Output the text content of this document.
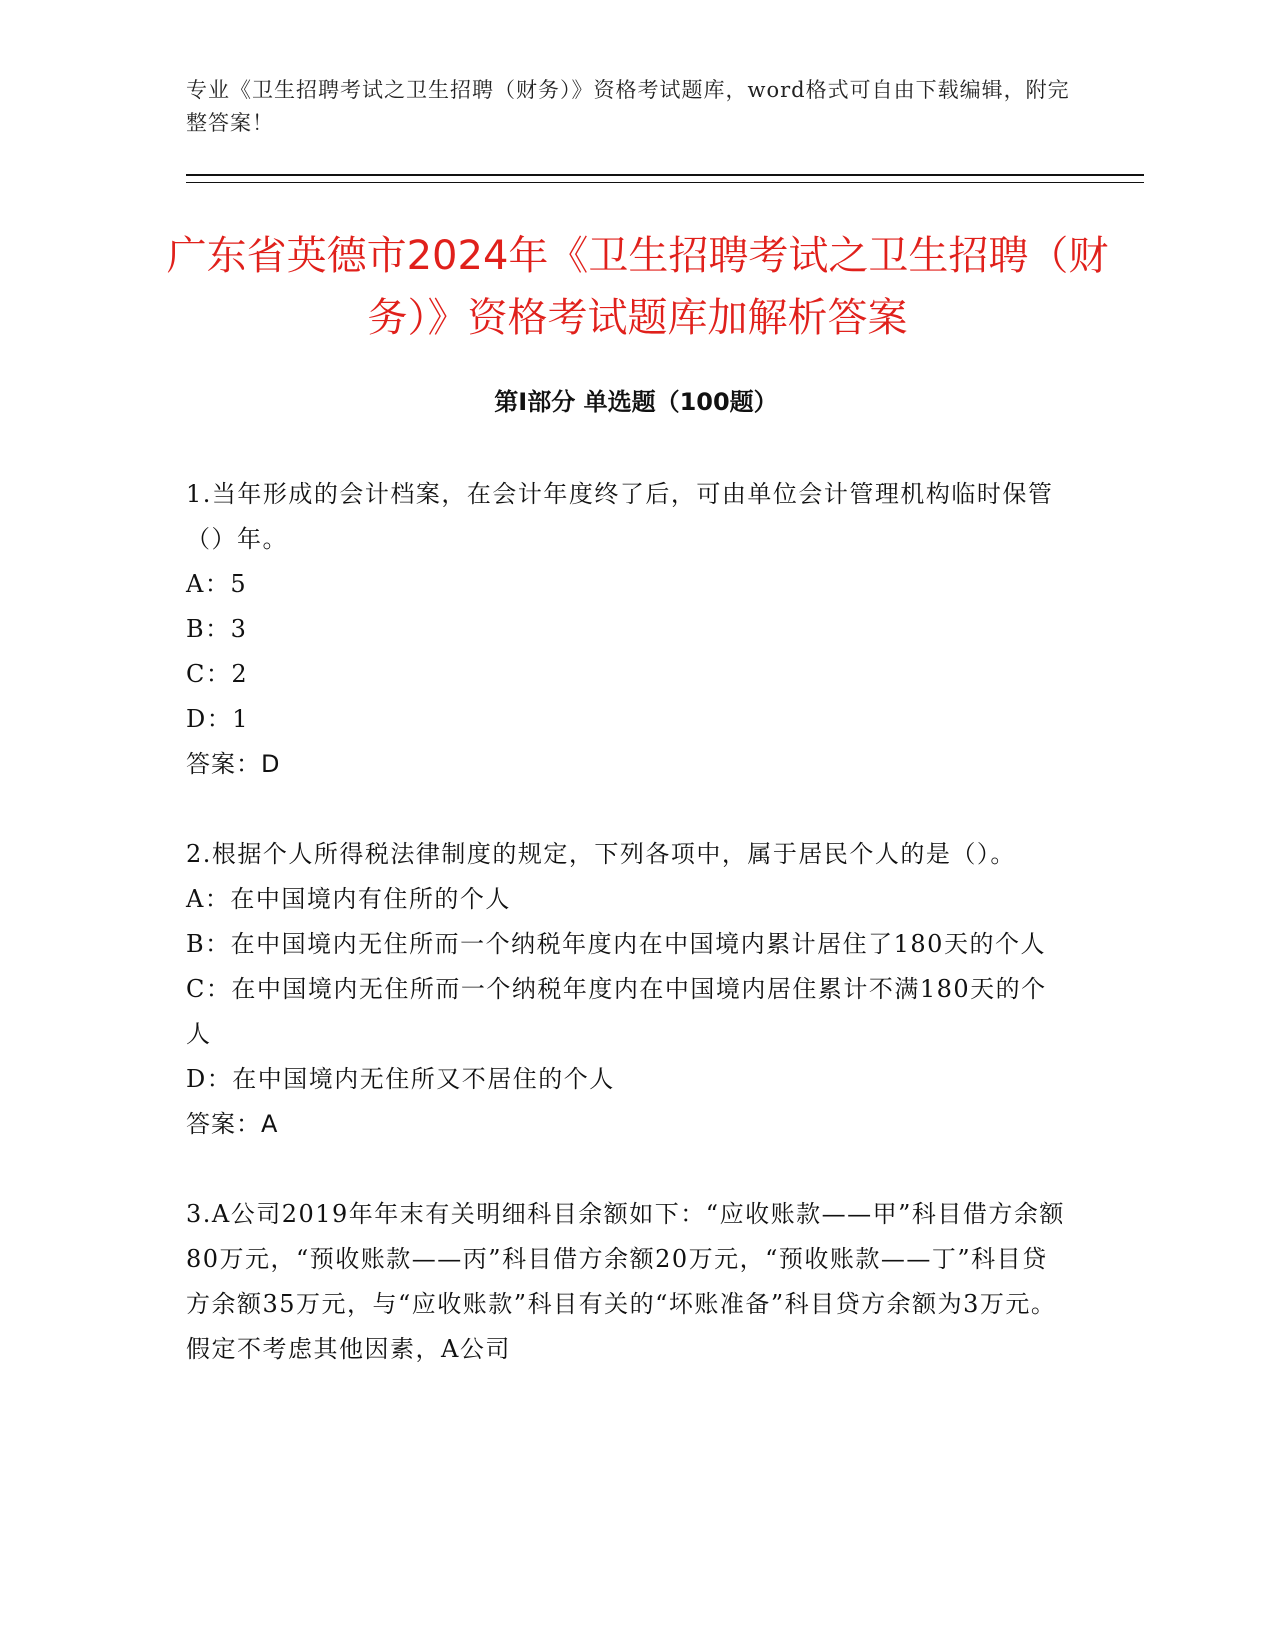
专业《卫生招聘考试之卫生招聘（财务）》资格考试题库，word格式可自由下载编辑，附完整答案！
广东省英德市2024年《卫生招聘考试之卫生招聘（财务）》资格考试题库加解析答案
第Ⅰ部分 单选题（100题）

1.当年形成的会计档案，在会计年度终了后，可由单位会计管理机构临时保管（）年。

A：5

B：3

C：2

D：1

答案：D

2.根据个人所得税法律制度的规定，下列各项中，属于居民个人的是（）。

A：在中国境内有住所的个人

B：在中国境内无住所而一个纳税年度内在中国境内累计居住了180天的个人

C：在中国境内无住所而一个纳税年度内在中国境内居住累计不满180天的个人

D：在中国境内无住所又不居住的个人

答案：A

3.A公司2019年年末有关明细科目余额如下：“应收账款——甲”科目借方余额80万元，“预收账款——丙”科目借方余额20万元，“预收账款——丁”科目贷方余额35万元，与“应收账款”科目有关的“坏账准备”科目贷方余额为3万元。假定不考虑其他因素，A公司
